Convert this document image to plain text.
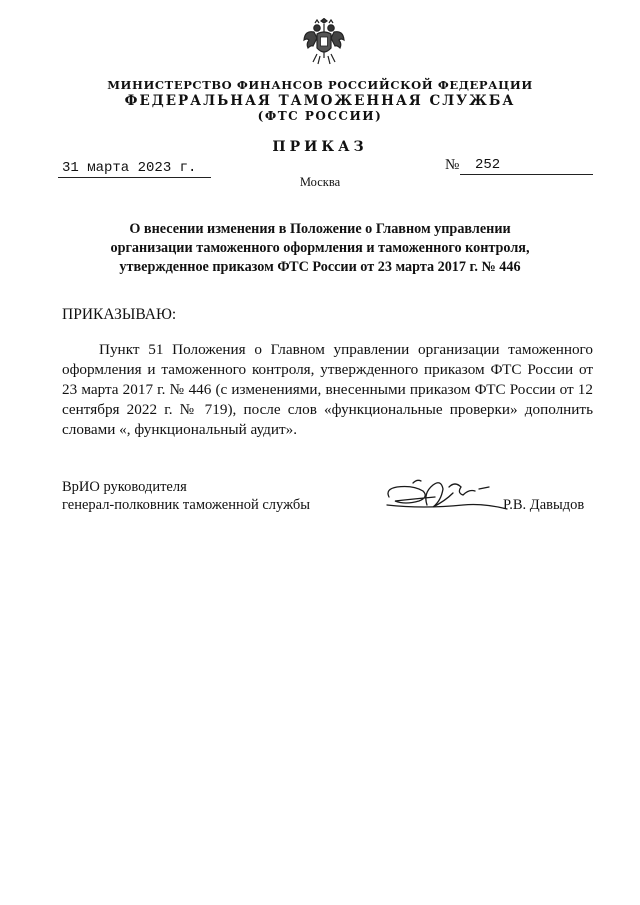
МИНИСТЕРСТВО ФИНАНСОВ РОССИЙСКОЙ ФЕДЕРАЦИИ
ФЕДЕРАЛЬНАЯ ТАМОЖЕННАЯ СЛУЖБА
(ФТС РОССИИ)
ПРИКАЗ
31 марта 2023 г.	№ 252
Москва
О внесении изменения в Положение о Главном управлении
организации таможенного оформления и таможенного контроля,
утвержденное приказом ФТС России от 23 марта 2017 г. № 446
ПРИКАЗЫВАЮ:
Пункт 51 Положения о Главном управлении организации таможенного оформления и таможенного контроля, утвержденного приказом ФТС России от 23 марта 2017 г. № 446 (с изменениями, внесенными приказом ФТС России от 12 сентября 2022 г. № 719), после слов «функциональные проверки» дополнить словами «, функциональный аудит».
ВрИО руководителя
генерал-полковник таможенной службы	Р.В. Давыдов
